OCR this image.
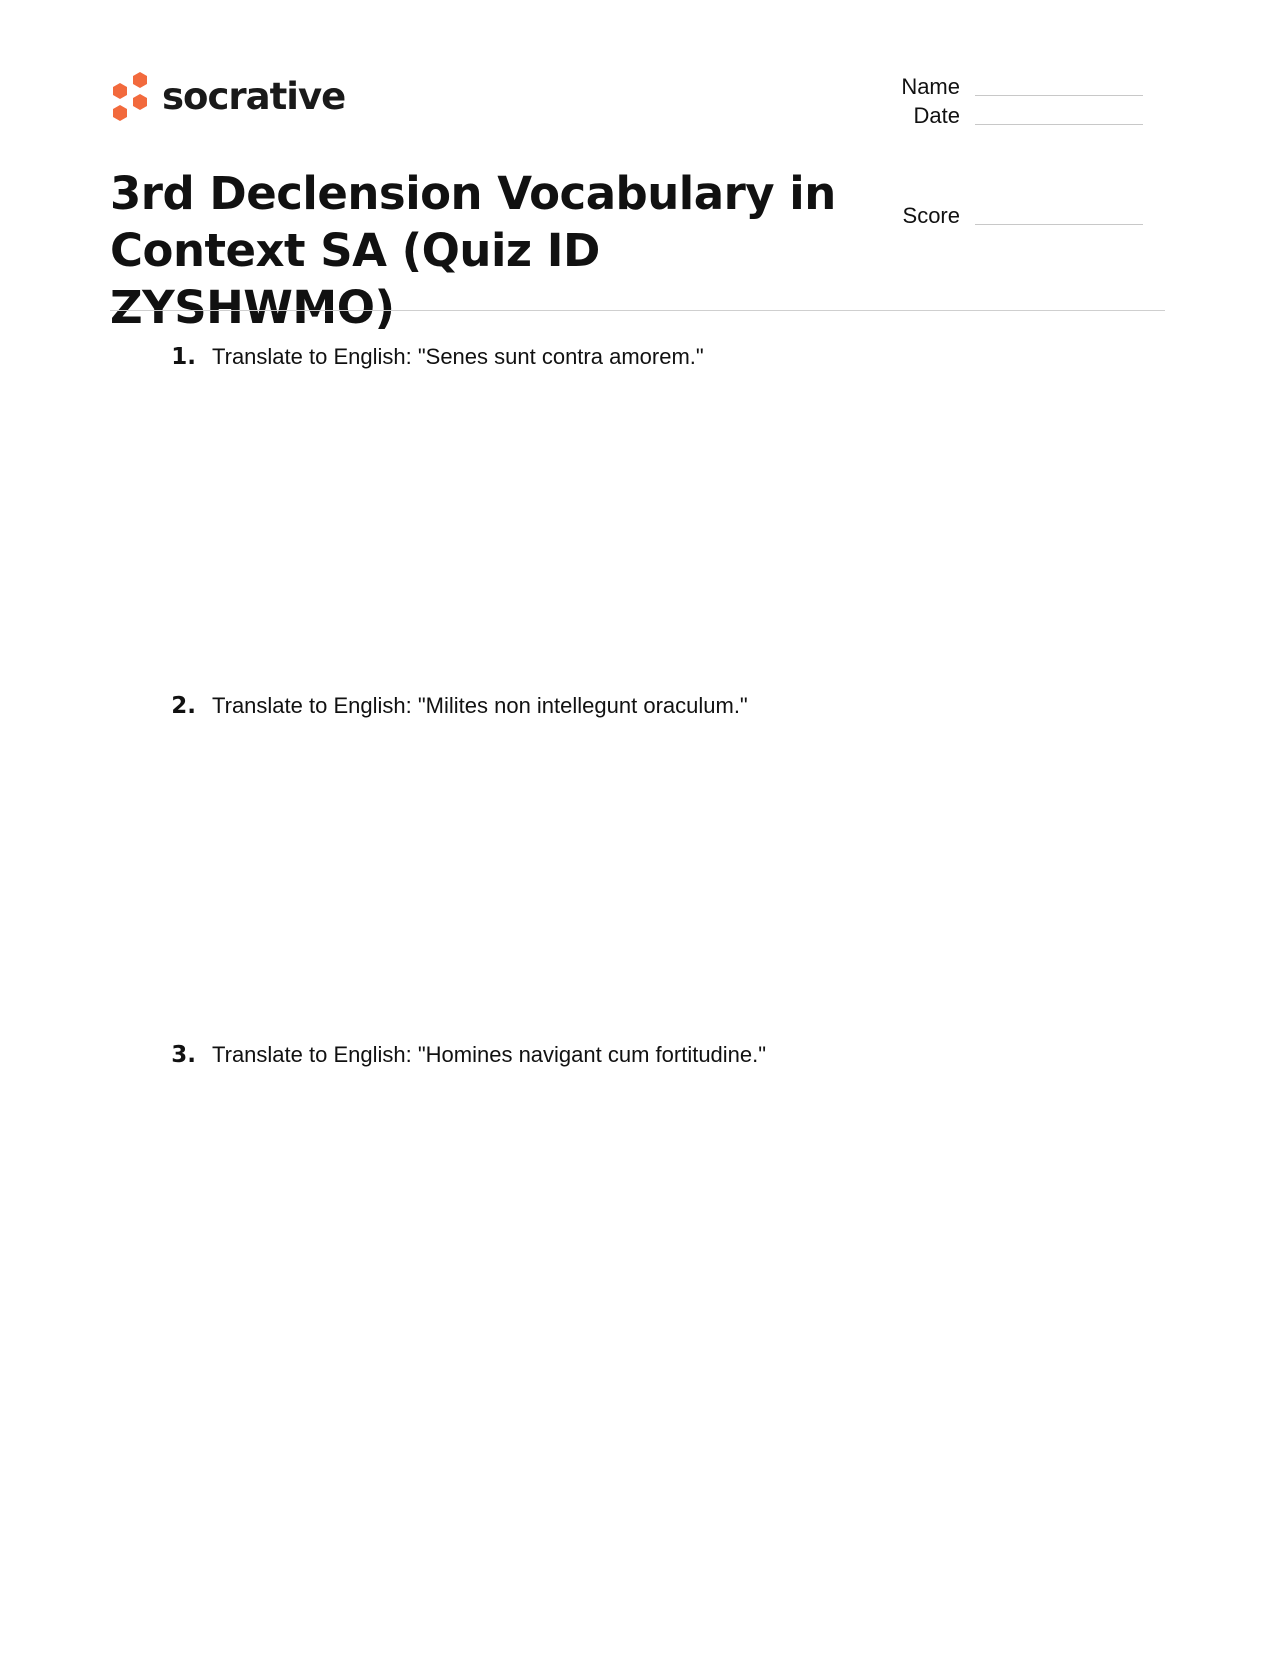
socrative
3rd Declension Vocabulary in Context SA (Quiz ID ZYSHWMO)
Name
Date
Score
1. Translate to English: "Senes sunt contra amorem."
2. Translate to English: "Milites non intellegunt oraculum."
3. Translate to English: "Homines navigant cum fortitudine."
